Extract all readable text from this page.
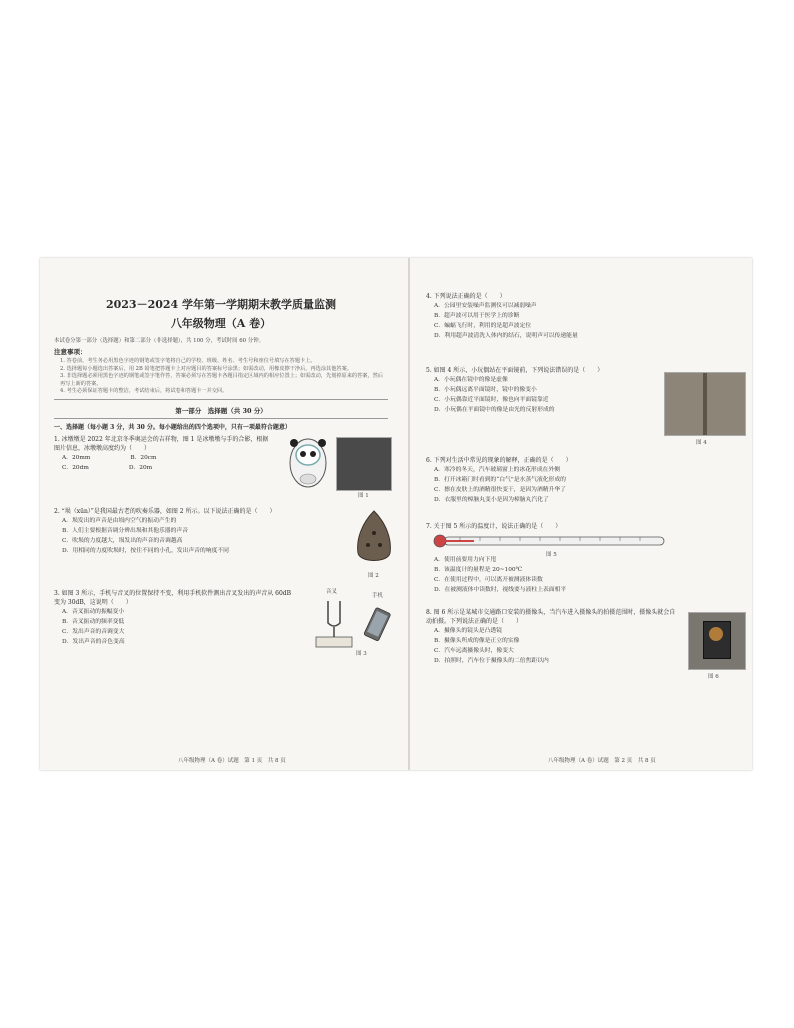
2023－2024 学年第一学期期末教学质量监测
八年级物理（A 卷）
本试卷分第一部分（选择题）和第二部分（非选择题），共 100 分，考试时间 60 分钟。
注意事项：
1. 答卷前，考生务必用黑色字迹的钢笔或签字笔将自己的学校、班级、姓名、考生号和座位号填写在答题卡上。
2. 选择题每小题选出答案后，用 2B 铅笔把答题卡上对应题目的答案标号涂黑；如需改动，用橡皮擦干净后，再选涂其他答案。
3. 非选择题必须用黑色字迹的钢笔或签字笔作答，答案必须写在答题卡各题目指定区域内的相应位置上；如需改动，先划掉原来的答案，然后再写上新的答案。
4. 考生必须保证答题卡的整洁，考试结束后，将试卷和答题卡一并交回。
第一部分　选择题（共 30 分）
一、选择题（每小题 3 分，共 30 分。每小题给出的四个选项中，只有一项最符合题意）
1. 冰墩墩是 2022 年北京冬季奥运会的吉祥物，图 1 是冰墩墩与手的合影，根据图片信息，冰墩墩高度约为（　　）
A．20mm	B．20cm
C．20dm	D．20m
图 1
2. “埙（xūn）”是我国最古老的吹奏乐器，如图 2 所示。以下说法正确的是（　　）
A．埙发出的声音是由埙内空气的振动产生的
B．人们主要根据音调分辨出埙和其他乐器的声音
C．吹埙的力度越大，埙发出的声音的音调越高
D．用相同的力度吹埙时，按住不同的小孔，发出声音的响度不同
图 2
3. 如图 3 所示，手机与音叉的位置保持不变，利用手机软件测出音叉发出的声音从 60dB 变为 30dB，这说明（　　）
A．音叉振动的振幅变小
B．音叉振动的频率变低
C．发出声音的音调变大
D．发出声音的音色变高
音叉
手机
图 3
八年级物理（A 卷）试题　第 1 页　共 8 页
4. 下列说法正确的是（　　）
A．公园里安装噪声监测仪可以减弱噪声
B．超声波可以用于医学上的诊断
C．蝙蝠飞行时，利用的是超声波定位
D．利用超声波清洗人体内的结石，说明声可以传递能量
5. 如图 4 所示，小玩偶站在平面镜前，下列说法错误的是（　　）
A．小玩偶在镜中的像是虚像
B．小玩偶远离平面镜时，镜中的像变小
C．小玩偶靠近平面镜时，像也向平面镜靠近
D．小玩偶在平面镜中的像是由光的反射形成的
图 4
6. 下列对生活中常见的现象的解释，正确的是（　　）
A．寒冷的冬天，汽车玻璃窗上的冰花形成在外侧
B．打开冰箱门时看到的“白气”是水蒸气液化形成的
C．擦在皮肤上的酒精很快变干，是因为酒精升华了
D．衣服里的樟脑丸变小是因为樟脑丸汽化了
7. 关于图 5 所示的温度计，说法正确的是（　　）
图 5
A．使用前要用力向下甩
B．该温度计的量程是 20~100℃
C．在使用过程中，可以离开被测液体读数
D．在被测液体中读数时，视线要与液柱上表面相平
8. 图 6 所示是某城市交通路口安装的摄像头，当汽车进入摄像头的拍摄范围时，摄像头就会自动拍摄。下列说法正确的是（　　）
A．摄像头的镜头是凸透镜
B．摄像头所成的像是正立的实像
C．汽车远离摄像头时，像变大
D．拍照时，汽车位于摄像头的二倍焦距以内
图 6
八年级物理（A 卷）试题　第 2 页　共 8 页
